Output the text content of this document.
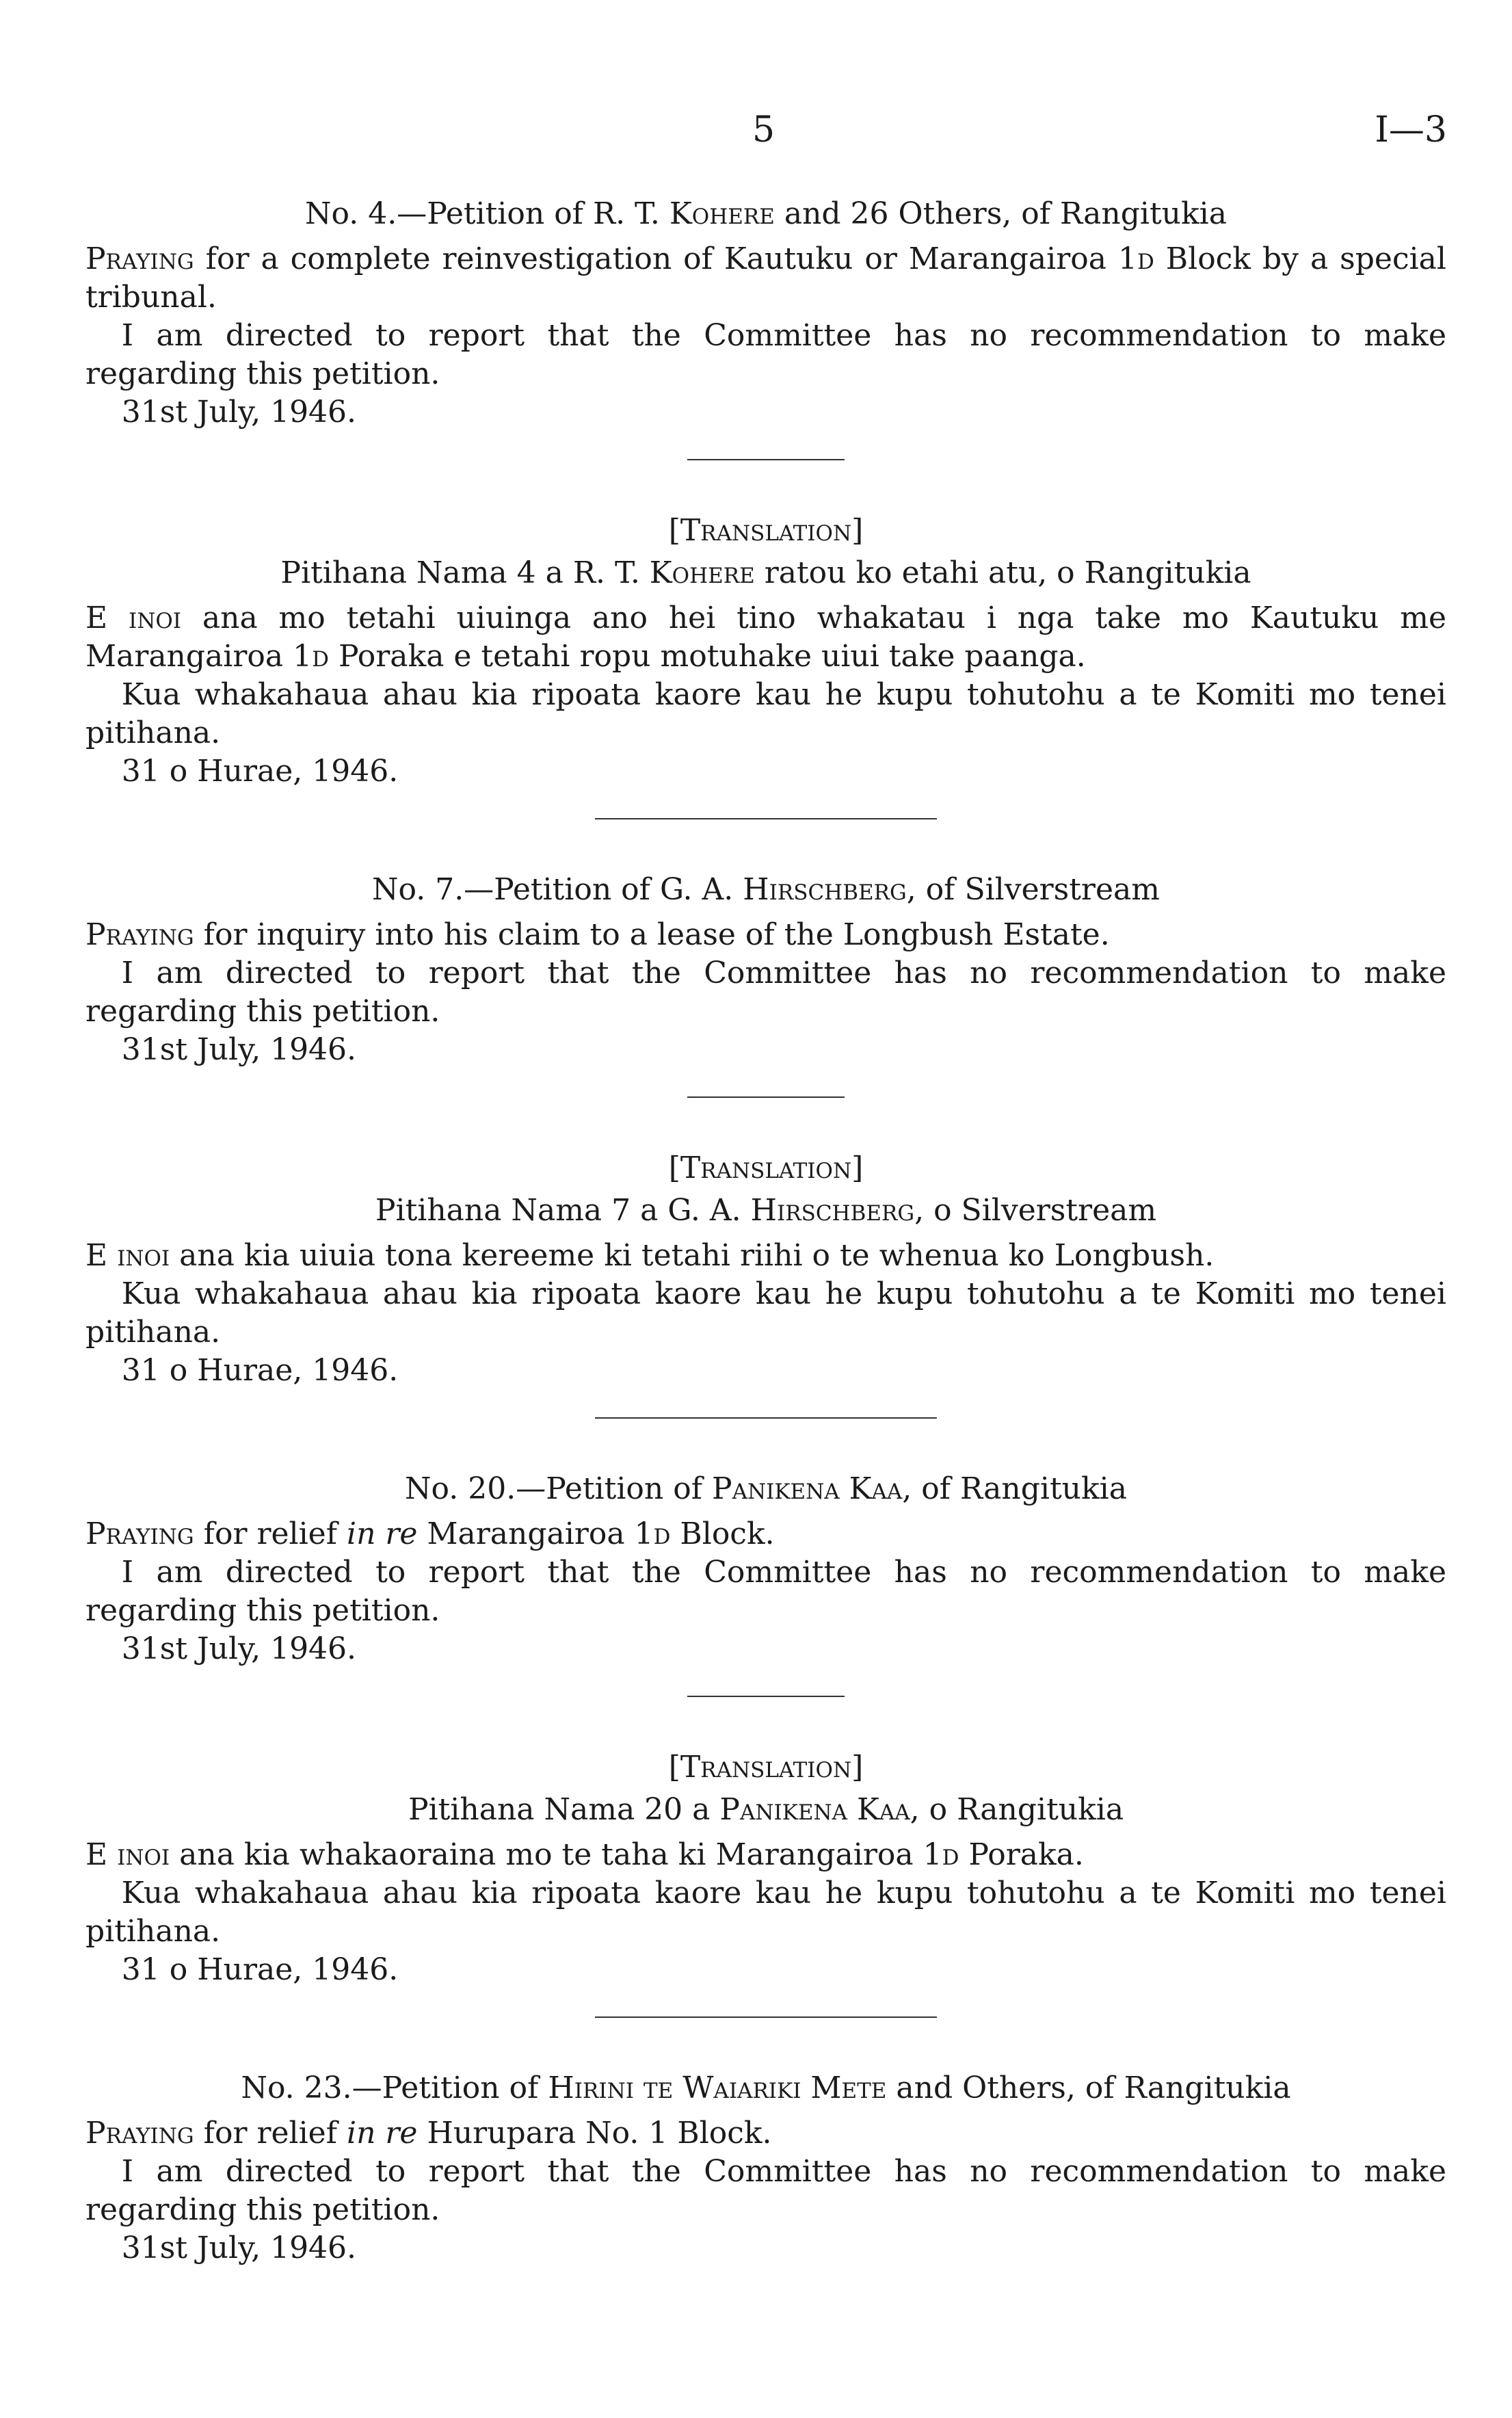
5	I—3

No. 4.—Petition of R. T. Kohere and 26 Others, of Rangitukia

Praying for a complete reinvestigation of Kautuku or Marangairoa 1d Block by a special tribunal.

I am directed to report that the Committee has no recommendation to make regarding this petition.

31st July, 1946.

[Translation]

Pitihana Nama 4 a R. T. Kohere ratou ko etahi atu, o Rangitukia

E inoi ana mo tetahi uiuinga ano hei tino whakatau i nga take mo Kautuku me Marangairoa 1d Poraka e tetahi ropu motuhake uiui take paanga.

Kua whakahaua ahau kia ripoata kaore kau he kupu tohutohu a te Komiti mo tenei pitihana.

31 o Hurae, 1946.

No. 7.—Petition of G. A. Hirschberg, of Silverstream

Praying for inquiry into his claim to a lease of the Longbush Estate.

I am directed to report that the Committee has no recommendation to make regarding this petition.

31st July, 1946.

[Translation]

Pitihana Nama 7 a G. A. Hirschberg, o Silverstream

E inoi ana kia uiuia tona kereeme ki tetahi riihi o te whenua ko Longbush.

Kua whakahaua ahau kia ripoata kaore kau he kupu tohutohu a te Komiti mo tenei pitihana.

31 o Hurae, 1946.

No. 20.—Petition of Panikena Kaa, of Rangitukia

Praying for relief in re Marangairoa 1d Block.

I am directed to report that the Committee has no recommendation to make regarding this petition.

31st July, 1946.

[Translation]

Pitihana Nama 20 a Panikena Kaa, o Rangitukia

E inoi ana kia whakaoraina mo te taha ki Marangairoa 1d Poraka.

Kua whakahaua ahau kia ripoata kaore kau he kupu tohutohu a te Komiti mo tenei pitihana.

31 o Hurae, 1946.

No. 23.—Petition of Hirini te Waiariki Mete and Others, of Rangitukia

Praying for relief in re Hurupara No. 1 Block.

I am directed to report that the Committee has no recommendation to make regarding this petition.

31st July, 1946.
